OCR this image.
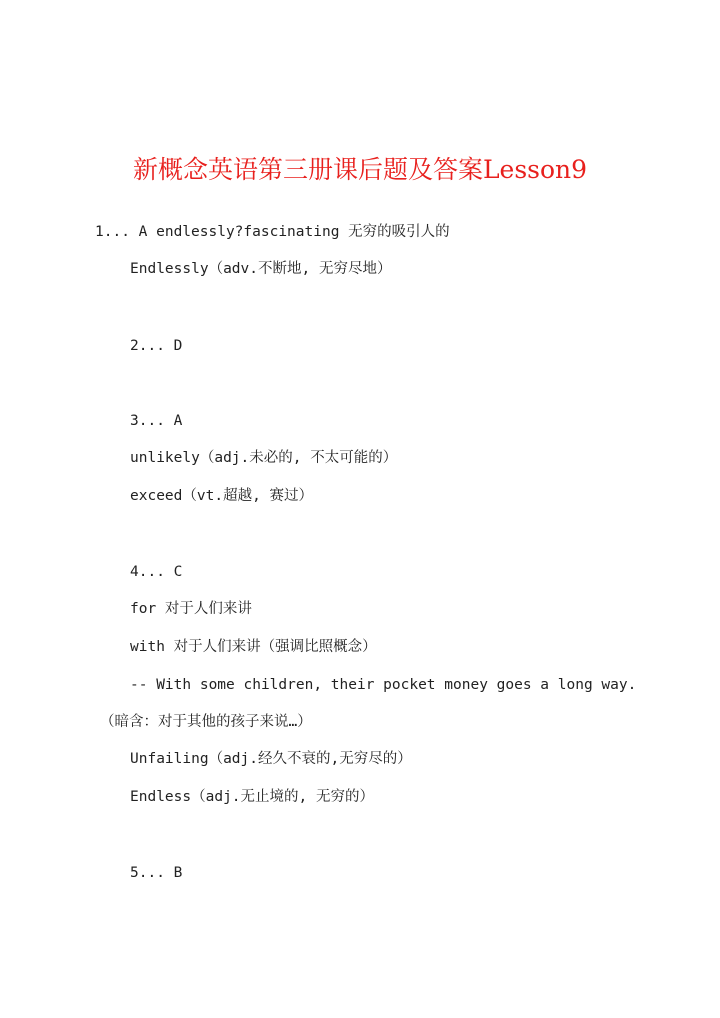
新概念英语第三册课后题及答案Lesson9
1... A endlessly?fascinating 无穷的吸引人的
Endlessly（adv.不断地, 无穷尽地）
2... D
3... A
unlikely（adj.未必的, 不太可能的）
exceed（vt.超越, 赛过）
4... C
for 对于人们来讲
with 对于人们来讲（强调比照概念）
-- With some children, their pocket money goes a long way.
（暗含：对于其他的孩子来说…）
Unfailing（adj.经久不衰的,无穷尽的）
Endless（adj.无止境的, 无穷的）
5... B
